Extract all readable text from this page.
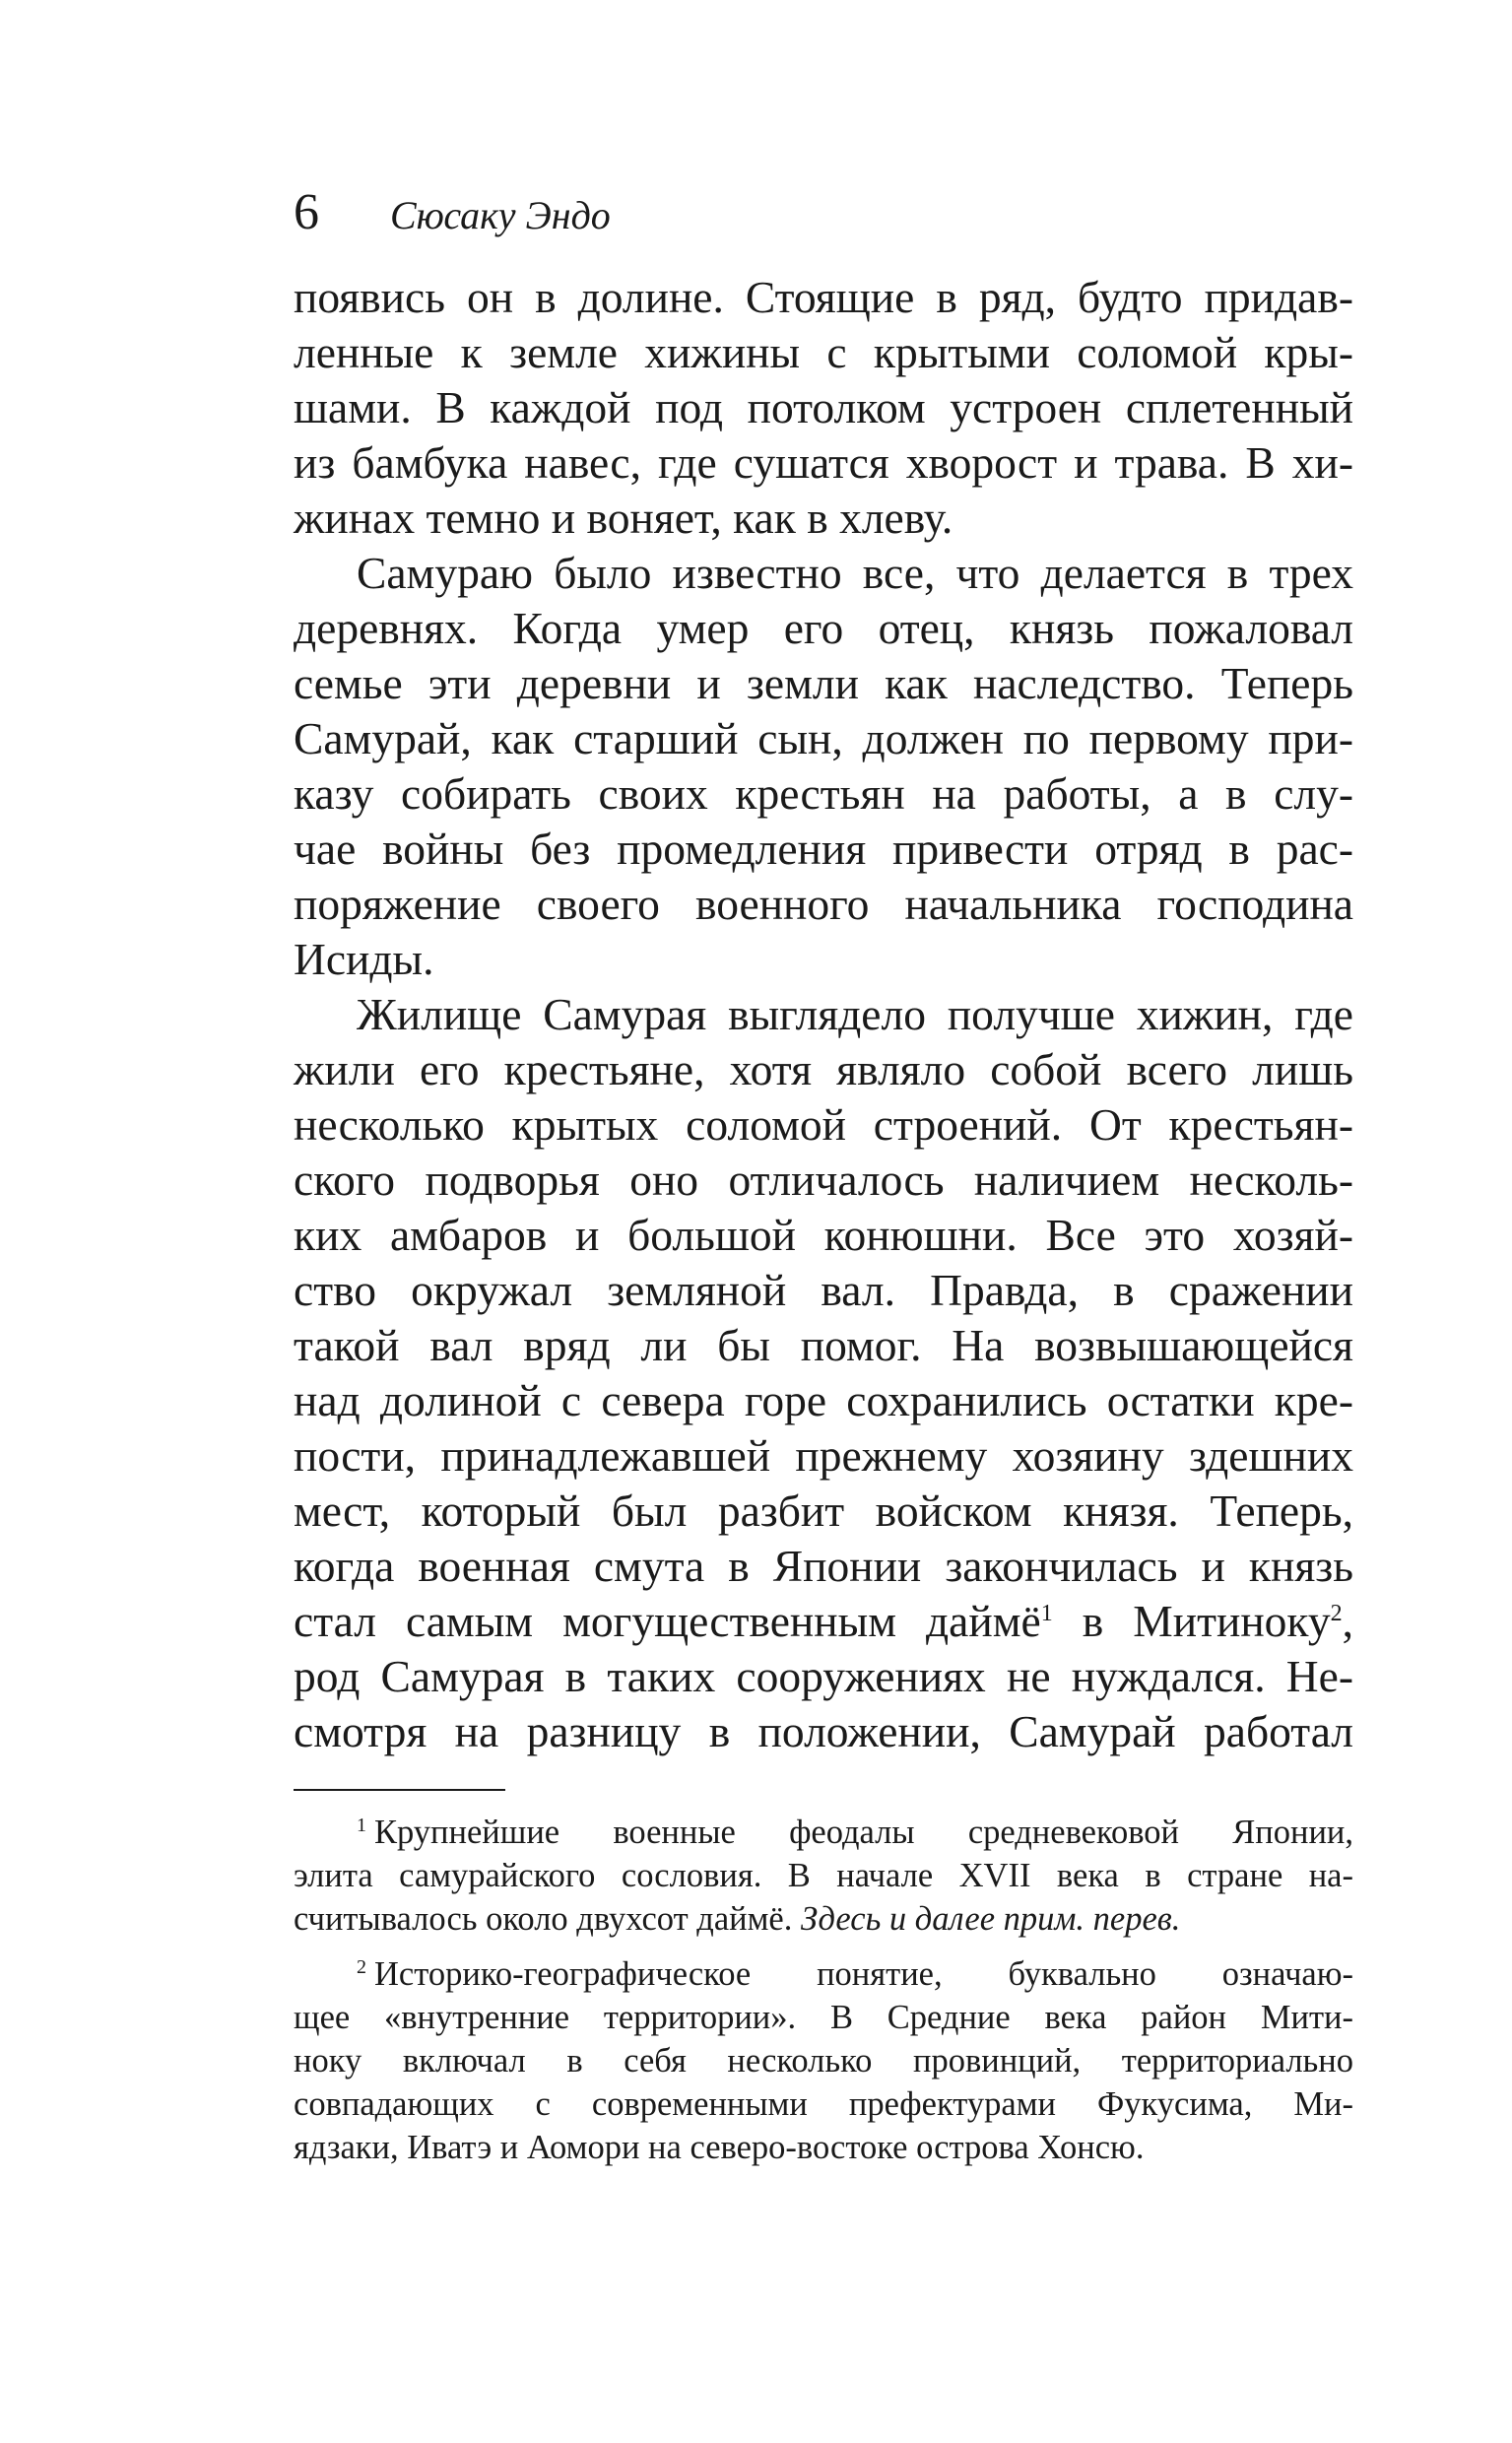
6	Сюсаку Эндо

появись он в долине. Стоящие в ряд, будто придав-
ленные к земле хижины с крытыми соломой кры-
шами. В каждой под потолком устроен сплетенный
из бамбука навес, где сушатся хворост и трава. В хи-
жинах темно и воняет, как в хлеву.

Самураю было известно все, что делается в трех
деревнях. Когда умер его отец, князь пожаловал
семье эти деревни и земли как наследство. Теперь
Самурай, как старший сын, должен по первому при-
казу собирать своих крестьян на работы, а в слу-
чае войны без промедления привести отряд в рас-
поряжение своего военного начальника господина
Исиды.

Жилище Самурая выглядело получше хижин, где
жили его крестьяне, хотя являло собой всего лишь
несколько крытых соломой строений. От крестьян-
ского подворья оно отличалось наличием несколь-
ких амбаров и большой конюшни. Все это хозяй-
ство окружал земляной вал. Правда, в сражении
такой вал вряд ли бы помог. На возвышающейся
над долиной с севера горе сохранились остатки кре-
пости, принадлежавшей прежнему хозяину здешних
мест, который был разбит войском князя. Теперь,
когда военная смута в Японии закончилась и князь
стал самым могущественным даймё$^1$ в Митиноку$^2$,
род Самурая в таких сооружениях не нуждался. Не-
смотря на разницу в положении, Самурай работал

$^1$ Крупнейшие военные феодалы средневековой Японии,
элита самурайского сословия. В начале XVII века в стране на-
считывалось около двухсот даймё. Здесь и далее прим. перев.
$^2$ Историко-географическое понятие, буквально означаю-
щее «внутренние территории». В Средние века район Мити-
ноку включал в себя несколько провинций, территориально
совпадающих с современными префектурами Фукусима, Ми-
ядзаки, Иватэ и Аомори на северо-востоке острова Хонсю.
